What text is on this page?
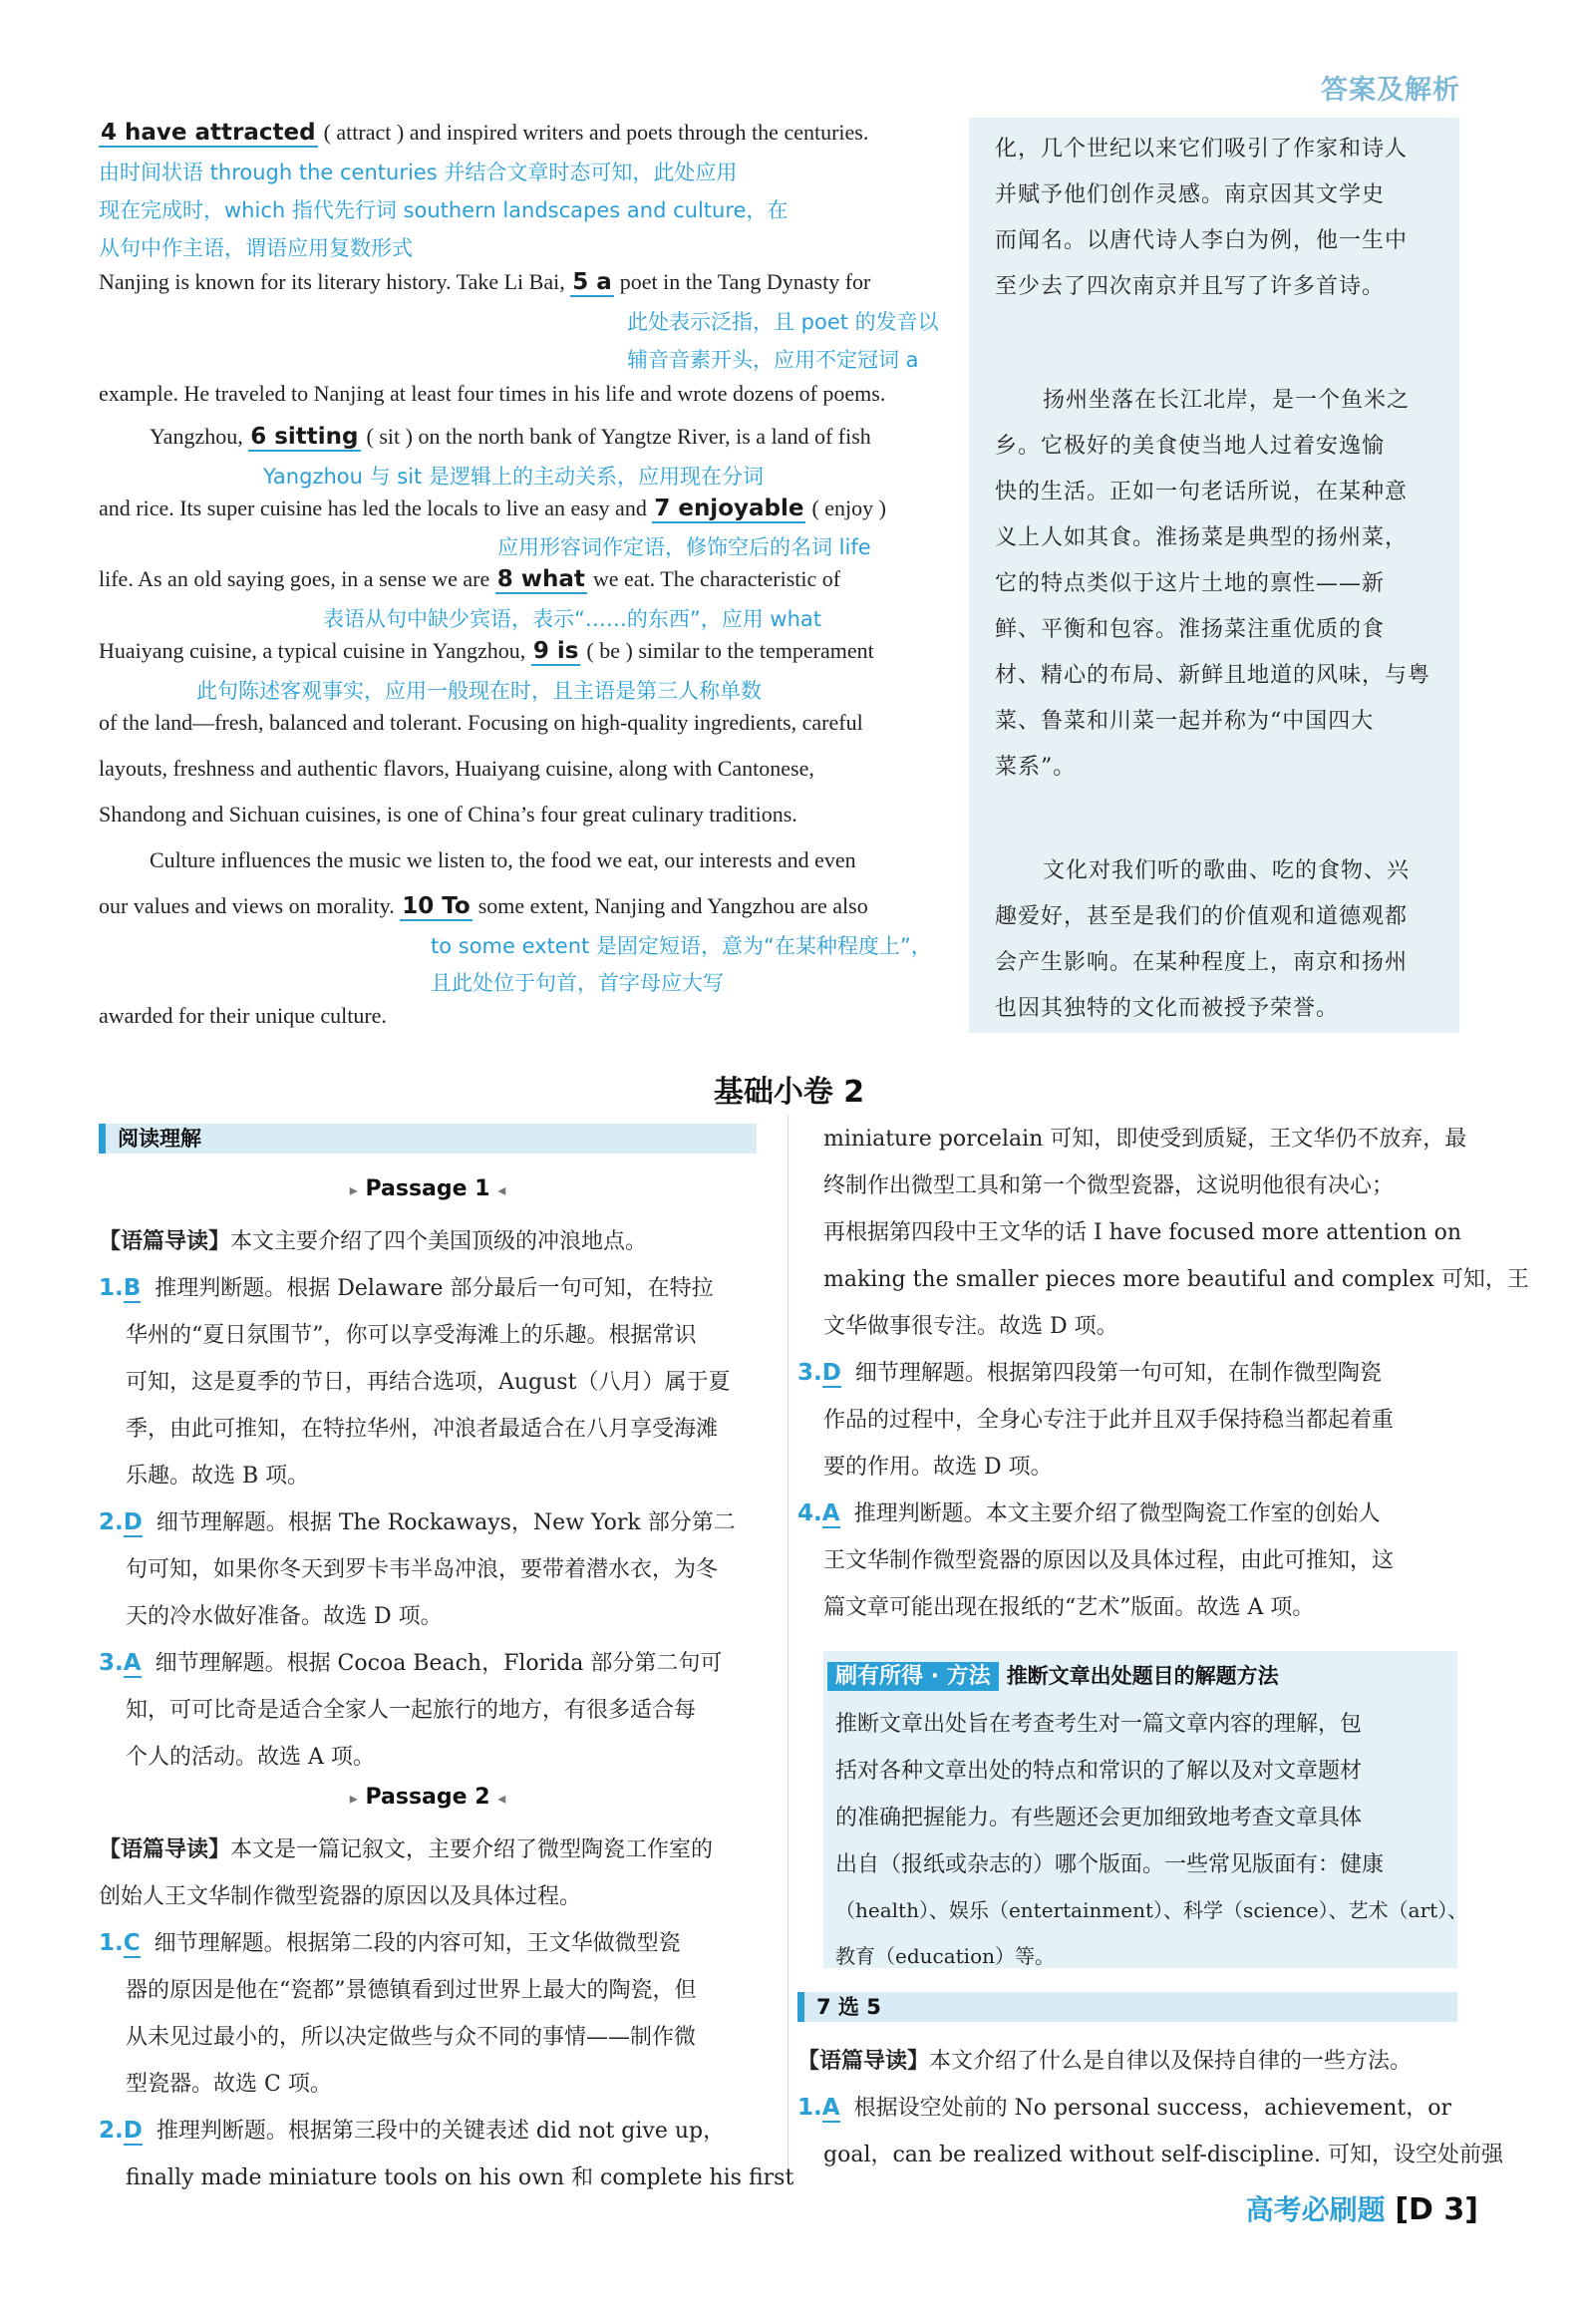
答案及解析
4 have attracted ( attract ) and inspired writers and poets through the centuries.
由时间状语 through the centuries 并结合文章时态可知，此处应用
现在完成时，which 指代先行词 southern landscapes and culture，在
从句中作主语，谓语应用复数形式
Nanjing is known for its literary history. Take Li Bai, 5 a poet in the Tang Dynasty for
此处表示泛指，且 poet 的发音以
辅音音素开头，应用不定冠词 a
example. He traveled to Nanjing at least four times in his life and wrote dozens of poems.
Yangzhou, 6 sitting ( sit ) on the north bank of Yangtze River, is a land of fish
Yangzhou 与 sit 是逻辑上的主动关系，应用现在分词
and rice. Its super cuisine has led the locals to live an easy and 7 enjoyable ( enjoy )
应用形容词作定语，修饰空后的名词 life
life. As an old saying goes, in a sense we are 8 what we eat. The characteristic of
表语从句中缺少宾语，表示“……的东西”，应用 what
Huaiyang cuisine, a typical cuisine in Yangzhou, 9 is ( be ) similar to the temperament
此句陈述客观事实，应用一般现在时，且主语是第三人称单数
of the land—fresh, balanced and tolerant. Focusing on high-quality ingredients, careful
layouts, freshness and authentic flavors, Huaiyang cuisine, along with Cantonese,
Shandong and Sichuan cuisines, is one of China’s four great culinary traditions.
Culture influences the music we listen to, the food we eat, our interests and even
our values and views on morality. 10 To some extent, Nanjing and Yangzhou are also
to some extent 是固定短语，意为“在某种程度上”，
且此处位于句首，首字母应大写
awarded for their unique culture.
化，几个世纪以来它们吸引了作家和诗人
并赋予他们创作灵感。南京因其文学史
而闻名。以唐代诗人李白为例，他一生中
至少去了四次南京并且写了许多首诗。
扬州坐落在长江北岸，是一个鱼米之
乡。它极好的美食使当地人过着安逸愉
快的生活。正如一句老话所说，在某种意
义上人如其食。淮扬菜是典型的扬州菜，
它的特点类似于这片土地的禀性——新
鲜、平衡和包容。淮扬菜注重优质的食
材、精心的布局、新鲜且地道的风味，与粤
菜、鲁菜和川菜一起并称为“中国四大
菜系”。
文化对我们听的歌曲、吃的食物、兴
趣爱好，甚至是我们的价值观和道德观都
会产生影响。在某种程度上，南京和扬州
也因其独特的文化而被授予荣誉。
基础小卷 2
阅读理解
▸ Passage 1 ◂
【语篇导读】本文主要介绍了四个美国顶级的冲浪地点。
1.B 推理判断题。根据 Delaware 部分最后一句可知，在特拉
华州的“夏日氛围节”，你可以享受海滩上的乐趣。根据常识
可知，这是夏季的节日，再结合选项，August（八月）属于夏
季，由此可推知，在特拉华州，冲浪者最适合在八月享受海滩
乐趣。故选 B 项。
2.D 细节理解题。根据 The Rockaways，New York 部分第二
句可知，如果你冬天到罗卡韦半岛冲浪，要带着潜水衣，为冬
天的冷水做好准备。故选 D 项。
3.A 细节理解题。根据 Cocoa Beach，Florida 部分第二句可
知，可可比奇是适合全家人一起旅行的地方，有很多适合每
个人的活动。故选 A 项。
▸ Passage 2 ◂
【语篇导读】本文是一篇记叙文，主要介绍了微型陶瓷工作室的
创始人王文华制作微型瓷器的原因以及具体过程。
1.C 细节理解题。根据第二段的内容可知，王文华做微型瓷
器的原因是他在“瓷都”景德镇看到过世界上最大的陶瓷，但
从未见过最小的，所以决定做些与众不同的事情——制作微
型瓷器。故选 C 项。
2.D 推理判断题。根据第三段中的关键表述 did not give up，
finally made miniature tools on his own 和 complete his first
miniature porcelain 可知，即使受到质疑，王文华仍不放弃，最
终制作出微型工具和第一个微型瓷器，这说明他很有决心；
再根据第四段中王文华的话 I have focused more attention on
making the smaller pieces more beautiful and complex 可知，王
文华做事很专注。故选 D 项。
3.D 细节理解题。根据第四段第一句可知，在制作微型陶瓷
作品的过程中，全身心专注于此并且双手保持稳当都起着重
要的作用。故选 D 项。
4.A 推理判断题。本文主要介绍了微型陶瓷工作室的创始人
王文华制作微型瓷器的原因以及具体过程，由此可推知，这
篇文章可能出现在报纸的“艺术”版面。故选 A 项。
刷有所得 · 方法 推断文章出处题目的解题方法
推断文章出处旨在考查考生对一篇文章内容的理解，包
括对各种文章出处的特点和常识的了解以及对文章题材
的准确把握能力。有些题还会更加细致地考查文章具体
出自（报纸或杂志的）哪个版面。一些常见版面有：健康
（health）、娱乐（entertainment）、科学（science）、艺术（art）、
教育（education）等。
7 选 5
【语篇导读】本文介绍了什么是自律以及保持自律的一些方法。
1.A 根据设空处前的 No personal success，achievement，or
goal，can be realized without self-discipline. 可知，设空处前强
高考必刷题 [D 3]
